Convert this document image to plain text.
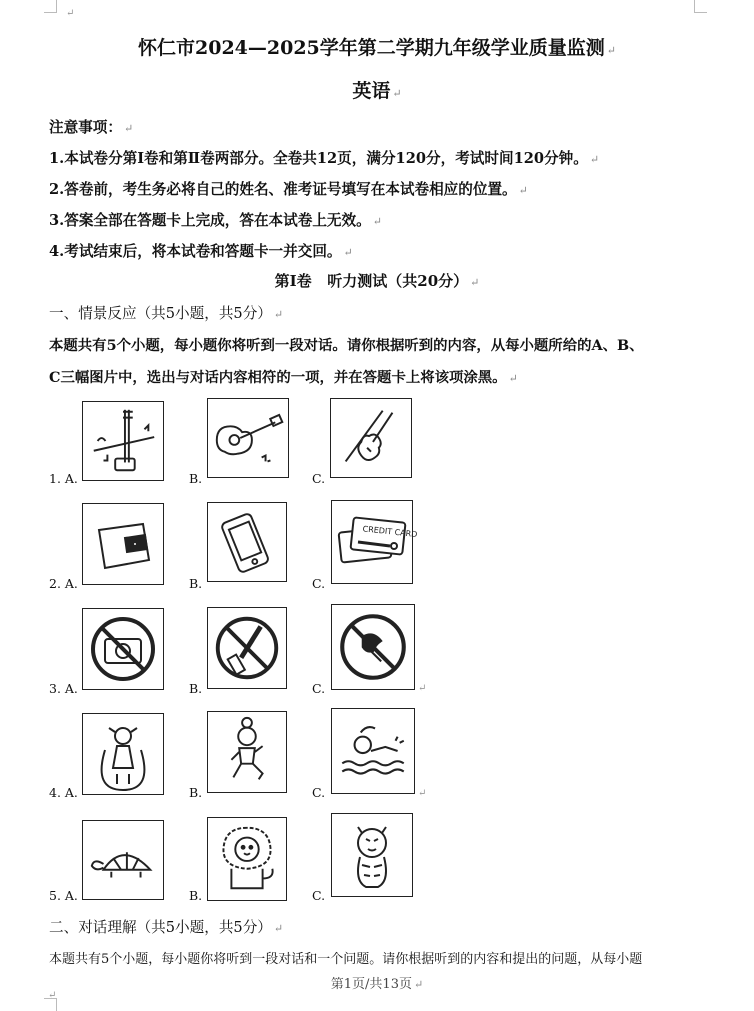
↵
怀仁市2024—2025学年第二学期九年级学业质量监测 ↵
英语 ↵
注意事项： ↵
1.本试卷分第Ⅰ卷和第Ⅱ卷两部分。全卷共12页，满分120分，考试时间120分钟。 ↵
2.答卷前，考生务必将自己的姓名、准考证号填写在本试卷相应的位置。 ↵
3.答案全部在答题卡上完成，答在本试卷上无效。 ↵
4.考试结束后，将本试卷和答题卡一并交回。 ↵
第Ⅰ卷   听力测试（共20分） ↵
一、情景反应（共5小题，共5分） ↵
本题共有5个小题，每小题你将听到一段对话。请你根据听到的内容，从每小题所给的A、B、
C三幅图片中，选出与对话内容相符的一项，并在答题卡上将该项涂黑。 ↵
1. A.	B.	C.
CREDIT CARD
2. A.	B.	C.
3. A.	B.	C.	↵
4. A.	B.	C.	↵
5. A.	B.	C.
二、对话理解（共5小题，共5分） ↵
本题共有5个小题，每小题你将听到一段对话和一个问题。请你根据听到的内容和提出的问题，从每小题
第1页/共13页 ↵
↵
